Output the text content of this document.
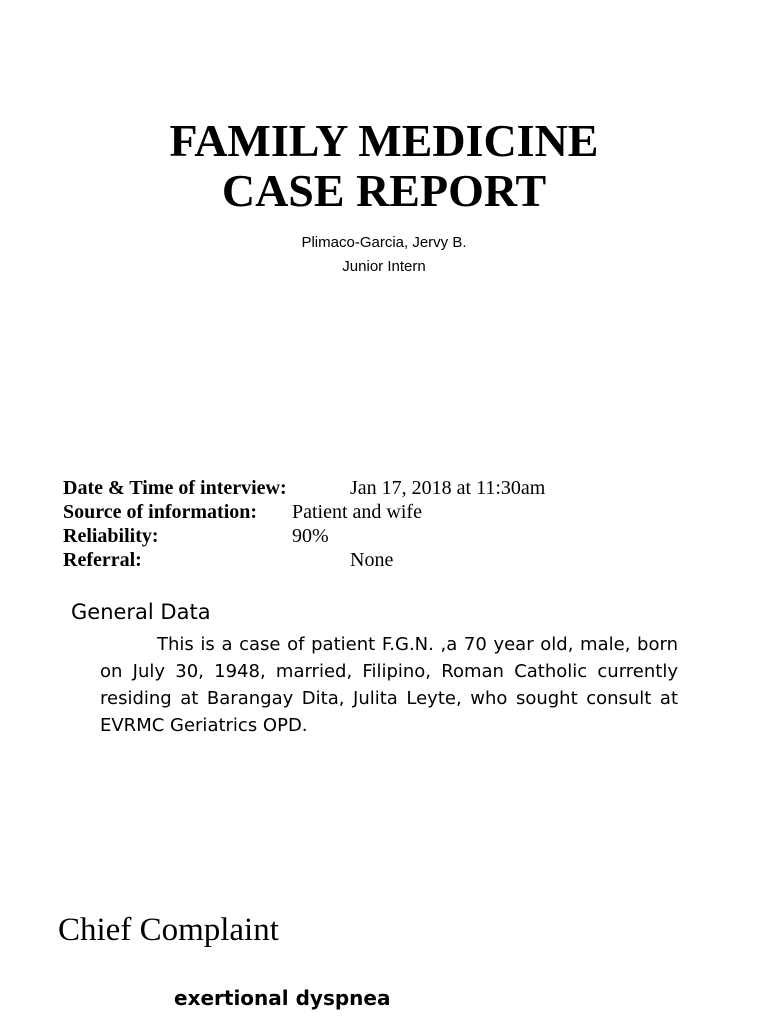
FAMILY MEDICINE
CASE REPORT
Plimaco-Garcia, Jervy B.
Junior Intern
Date & Time of interview:	Jan 17, 2018 at 11:30am
Source of information: Patient and wife
Reliability:	90%
Referral:	None
General Data

This is a case of patient F.G.N. ,a 70 year old, male, born on July 30, 1948, married, Filipino, Roman Catholic currently residing at Barangay Dita, Julita Leyte, who sought consult at EVRMC Geriatrics OPD.

Chief Complaint
exertional dyspnea
